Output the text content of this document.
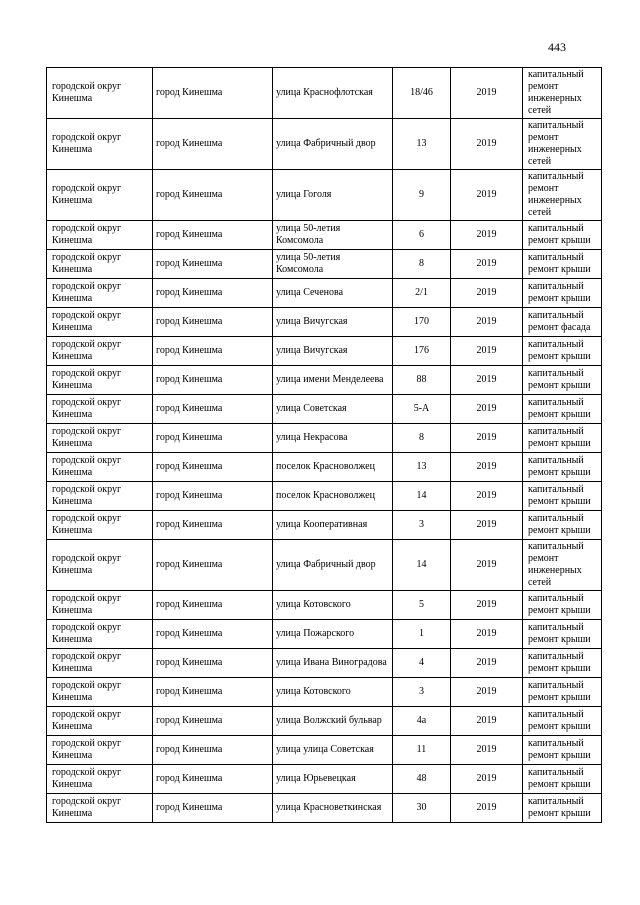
443
городской округ Кинешма	город Кинешма	улица Краснофлотская	18/46	2019	капитальный ремонт инженерных сетей
городской округ Кинешма	город Кинешма	улица Фабричный двор	13	2019	капитальный ремонт инженерных сетей
городской округ Кинешма	город Кинешма	улица Гоголя	9	2019	капитальный ремонт инженерных сетей
городской округ Кинешма	город Кинешма	улица 50-летия Комсомола	6	2019	капитальный ремонт крыши
городской округ Кинешма	город Кинешма	улица 50-летия Комсомола	8	2019	капитальный ремонт крыши
городской округ Кинешма	город Кинешма	улица Сеченова	2/1	2019	капитальный ремонт крыши
городской округ Кинешма	город Кинешма	улица Вичугская	170	2019	капитальный ремонт фасада
городской округ Кинешма	город Кинешма	улица Вичугская	176	2019	капитальный ремонт крыши
городской округ Кинешма	город Кинешма	улица имени Менделеева	88	2019	капитальный ремонт крыши
городской округ Кинешма	город Кинешма	улица Советская	5-А	2019	капитальный ремонт крыши
городской округ Кинешма	город Кинешма	улица Некрасова	8	2019	капитальный ремонт крыши
городской округ Кинешма	город Кинешма	поселок Красноволжец	13	2019	капитальный ремонт крыши
городской округ Кинешма	город Кинешма	поселок Красноволжец	14	2019	капитальный ремонт крыши
городской округ Кинешма	город Кинешма	улица Кооперативная	3	2019	капитальный ремонт крыши
городской округ Кинешма	город Кинешма	улица Фабричный двор	14	2019	капитальный ремонт инженерных сетей
городской округ Кинешма	город Кинешма	улица Котовского	5	2019	капитальный ремонт крыши
городской округ Кинешма	город Кинешма	улица Пожарского	1	2019	капитальный ремонт крыши
городской округ Кинешма	город Кинешма	улица Ивана Виноградова	4	2019	капитальный ремонт крыши
городской округ Кинешма	город Кинешма	улица Котовского	3	2019	капитальный ремонт крыши
городской округ Кинешма	город Кинешма	улица Волжский бульвар	4а	2019	капитальный ремонт крыши
городской округ Кинешма	город Кинешма	улица улица Советская	11	2019	капитальный ремонт крыши
городской округ Кинешма	город Кинешма	улица Юрьевецкая	48	2019	капитальный ремонт крыши
городской округ Кинешма	город Кинешма	улица Красноветкинская	30	2019	капитальный ремонт крыши
